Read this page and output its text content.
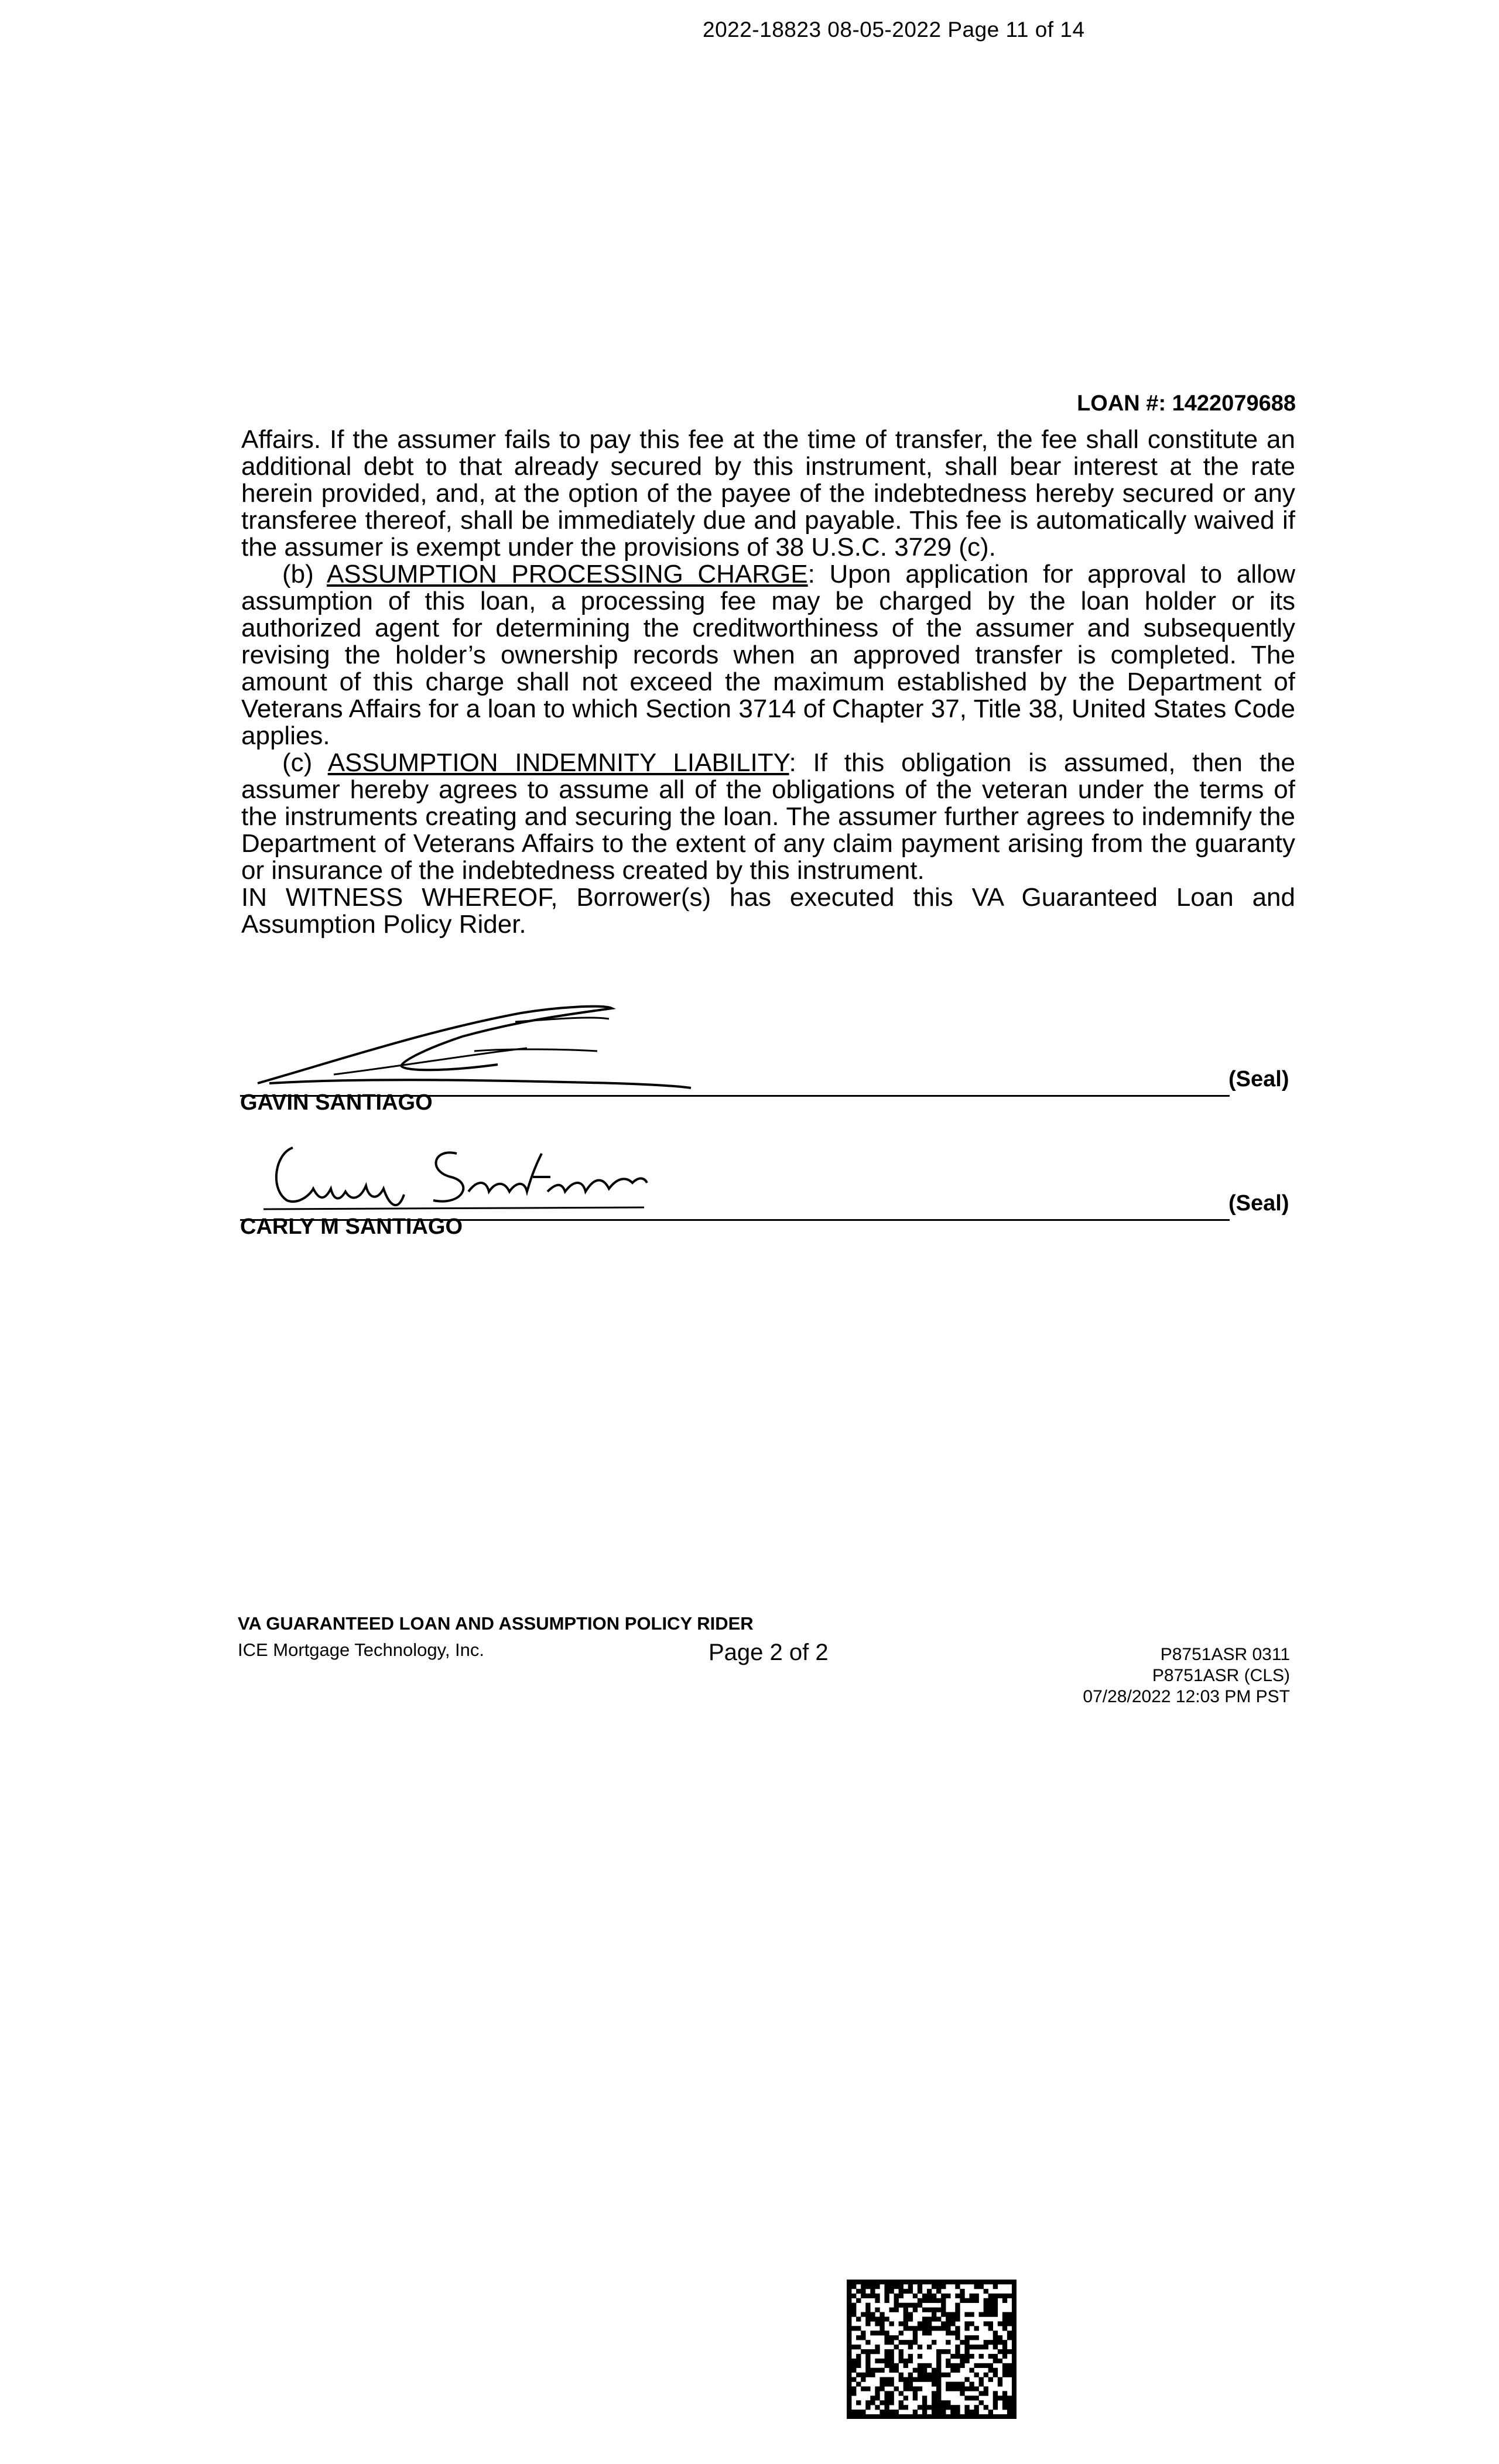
2022-18823 08-05-2022 Page 11 of 14
LOAN #: 1422079688

Affairs. If the assumer fails to pay this fee at the time of transfer, the fee shall constitute an additional debt to that already secured by this instrument, shall bear interest at the rate herein provided, and, at the option of the payee of the indebtedness hereby secured or any transferee thereof, shall be immediately due and payable. This fee is automatically waived if the assumer is exempt under the provisions of 38 U.S.C. 3729 (c).

(b) ASSUMPTION PROCESSING CHARGE: Upon application for approval to allow assumption of this loan, a processing fee may be charged by the loan holder or its authorized agent for determining the creditworthiness of the assumer and subsequently revising the holder’s ownership records when an approved transfer is completed. The amount of this charge shall not exceed the maximum established by the Department of Veterans Affairs for a loan to which Section 3714 of Chapter 37, Title 38, United States Code applies.

(c) ASSUMPTION INDEMNITY LIABILITY: If this obligation is assumed, then the assumer hereby agrees to assume all of the obligations of the veteran under the terms of the instruments creating and securing the loan. The assumer further agrees to indemnify the Department of Veterans Affairs to the extent of any claim payment arising from the guaranty or insurance of the indebtedness created by this instrument.

IN WITNESS WHEREOF, Borrower(s) has executed this VA Guaranteed Loan and Assumption Policy Rider.
(Seal)
GAVIN SANTIAGO
(Seal)
CARLY M SANTIAGO
VA GUARANTEED LOAN AND ASSUMPTION POLICY RIDER
ICE Mortgage Technology, Inc.	Page 2 of 2	P8751ASR 0311
P8751ASR (CLS)
07/28/2022 12:03 PM PST
